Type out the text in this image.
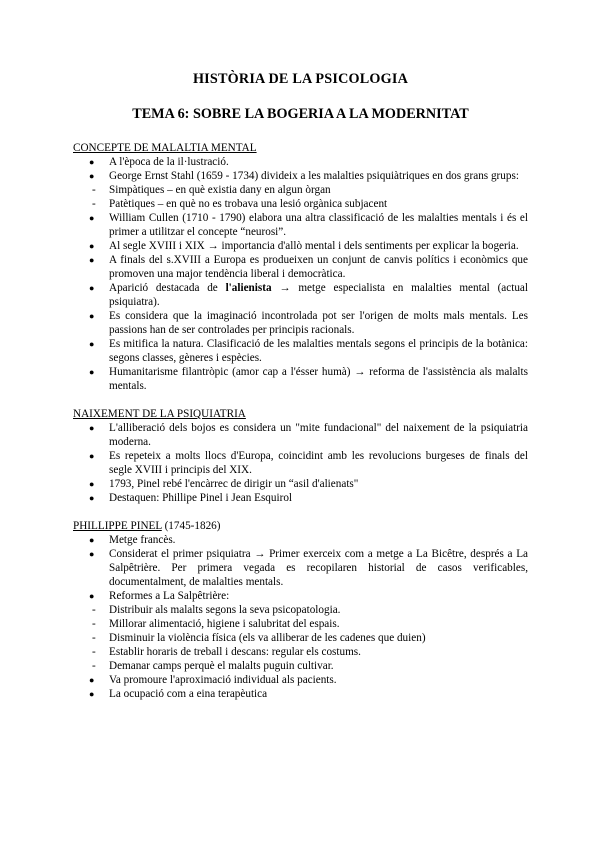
HISTÒRIA DE LA PSICOLOGIA
TEMA 6: SOBRE LA BOGERIA A LA MODERNITAT
CONCEPTE DE MALALTIA MENTAL
● A l'època de la il·lustració.
● George Ernst Stahl (1659 - 1734) divideix a les malalties psiquiàtriques en dos grans grups:
- Simpàtiques – en què existia dany en algun òrgan
- Patètiques – en què no es trobava una lesió orgànica subjacent
● William Cullen (1710 - 1790) elabora una altra classificació de les malalties mentals i és el primer a utilitzar el concepte “neurosi”.
● Al segle XVIII i XIX → importancia d'allò mental i dels sentiments per explicar la bogeria.
● A finals del s.XVIII a Europa es produeixen un conjunt de canvis polítics i econòmics que promoven una major tendència liberal i democràtica.
● Aparició destacada de l'alienista → metge especialista en malalties mental (actual psiquiatra).
● Es considera que la imaginació incontrolada pot ser l'origen de molts mals mentals. Les passions han de ser controlades per principis racionals.
● Es mitifica la natura. Clasificació de les malalties mentals segons el principis de la botànica: segons classes, gèneres i espècies.
● Humanitarisme filantròpic (amor cap a l'ésser humà) → reforma de l'assistència als malalts mentals.
NAIXEMENT DE LA PSIQUIATRIA
● L'alliberació dels bojos es considera un "mite fundacional" del naixement de la psiquiatria moderna.
● Es repeteix a molts llocs d'Europa, coincidint amb les revolucions burgeses de finals del segle XVIII i principis del XIX.
● 1793, Pinel rebé l'encàrrec de dirigir un “asil d'alienats"
● Destaquen: Phillipe Pinel i Jean Esquirol
PHILLIPPE PINEL (1745-1826)
● Metge francès.
● Considerat el primer psiquiatra → Primer exerceix com a metge a La Bicêtre, després a La Salpêtrière. Per primera vegada es recopilaren historial de casos verificables, documentalment, de malalties mentals.
● Reformes a La Salpêtrière:
- Distribuir als malalts segons la seva psicopatologia.
- Millorar alimentació, higiene i salubritat del espais.
- Disminuir la violència física (els va alliberar de les cadenes que duien)
- Establir horaris de treball i descans: regular els costums.
- Demanar camps perquè el malalts puguin cultivar.
● Va promoure l'aproximació individual als pacients.
● La ocupació com a eina terapèutica
